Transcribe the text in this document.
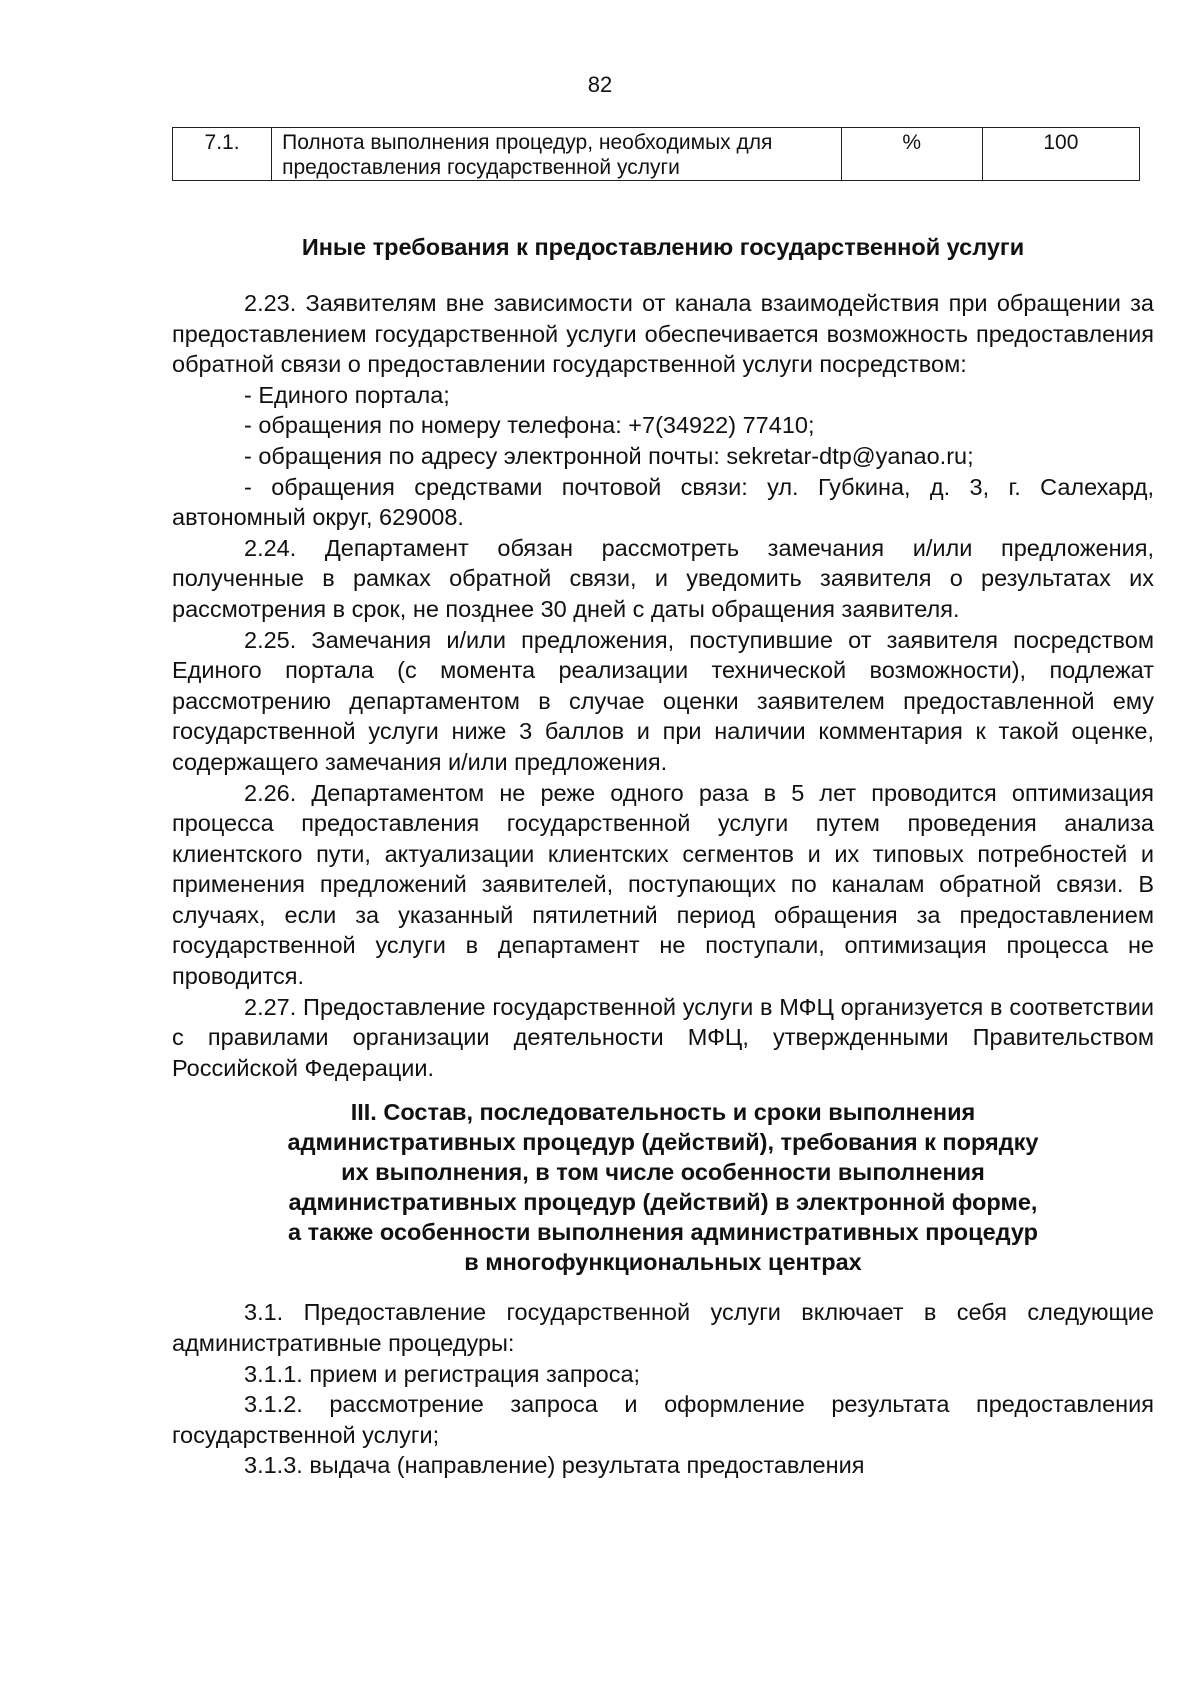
82
7.1.	Полнота выполнения процедур, необходимых для предоставления государственной услуги	%	100
Иные требования к предоставлению государственной услуги

2.23. Заявителям вне зависимости от канала взаимодействия при обращении за предоставлением государственной услуги обеспечивается возможность предоставления обратной связи о предоставлении государственной услуги посредством:

- Единого портала;

- обращения по номеру телефона: +7(34922) 77410;

- обращения по адресу электронной почты: sekretar-dtp@yanao.ru;

- обращения средствами почтовой связи: ул. Губкина, д. 3, г. Салехард, автономный округ, 629008.

2.24. Департамент обязан рассмотреть замечания и/или предложения, полученные в рамках обратной связи, и уведомить заявителя о результатах их рассмотрения в срок, не позднее 30 дней с даты обращения заявителя.

2.25. Замечания и/или предложения, поступившие от заявителя посредством Единого портала (с момента реализации технической возможности), подлежат рассмотрению департаментом в случае оценки заявителем предоставленной ему государственной услуги ниже 3 баллов и при наличии комментария к такой оценке, содержащего замечания и/или предложения.

2.26. Департаментом не реже одного раза в 5 лет проводится оптимизация процесса предоставления государственной услуги путем проведения анализа клиентского пути, актуализации клиентских сегментов и их типовых потребностей и применения предложений заявителей, поступающих по каналам обратной связи. В случаях, если за указанный пятилетний период обращения за предоставлением государственной услуги в департамент не поступали, оптимизация процесса не проводится.

2.27. Предоставление государственной услуги в МФЦ организуется в соответствии с правилами организации деятельности МФЦ, утвержденными Правительством Российской Федерации.

III. Состав, последовательность и сроки выполнения
административных процедур (действий), требования к порядку
их выполнения, в том числе особенности выполнения
административных процедур (действий) в электронной форме,
а также особенности выполнения административных процедур
в многофункциональных центрах

3.1. Предоставление государственной услуги включает в себя следующие административные процедуры:

3.1.1. прием и регистрация запроса;

3.1.2. рассмотрение запроса и оформление результата предоставления государственной услуги;

3.1.3. выдача (направление) результата предоставления
